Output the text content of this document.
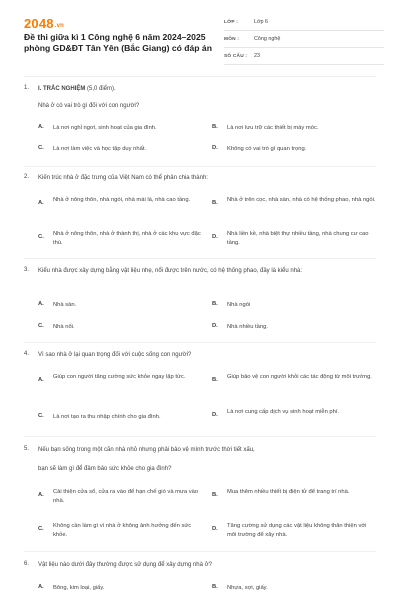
2048.vn
Đề thi giữa kì 1 Công nghệ 6 năm 2024–2025 phòng GD&ĐT Tân Yên (Bắc Giang) có đáp án
LỚP :	Lớp 6
MÔN :	Công nghệ
SỐ CÂU :	23
1. I. TRẮC NGHIỆM (5,0 điểm).
Nhà ở có vai trò gì đối với con người?
A. Là nơi nghỉ ngơi, sinh hoạt của gia đình.	B. Là nơi lưu trữ các thiết bị máy móc.
C. Là nơi làm việc và học tập duy nhất.	D. Không có vai trò gì quan trọng.
2. Kiến trúc nhà ở đặc trưng của Việt Nam có thể phân chia thành:
A. Nhà ở nông thôn, nhà ngói, nhà mái lá, nhà cao tầng.	B. Nhà ở trên cọc, nhà sàn, nhà có hệ thống phao, nhà ngói.
C. Nhà ở nông thôn, nhà ở thành thị, nhà ở các khu vực đặc thù.
D. Nhà liền kề, nhà biệt thự nhiều tầng, nhà chung cư cao tầng.
3. Kiểu nhà được xây dựng bằng vật liệu nhẹ, nổi được trên nước, có hệ thống phao, đây là kiểu nhà:
A. Nhà sàn.	B. Nhà ngói
C. Nhà nổi.	D. Nhà nhiều tầng.
4. Vì sao nhà ở lại quan trọng đối với cuộc sống con người?
A. Giúp con người tăng cường sức khỏe ngay lập tức.	B. Giúp bảo vệ con người khỏi các tác động từ môi trường.
C. Là nơi tạo ra thu nhập chính cho gia đình.	D. Là nơi cung cấp dịch vụ sinh hoạt miễn phí.
5. Nếu bạn sống trong một căn nhà nhỏ nhưng phải bảo vệ mình trước thời tiết xấu,
bạn sẽ làm gì để đảm bảo sức khỏe cho gia đình?
A. Cải thiện cửa sổ, cửa ra vào để hạn chế gió và mưa vào nhà.
B. Mua thêm nhiều thiết bị điện tử để trang trí nhà.
C. Không cần làm gì vì nhà ở không ảnh hưởng đến sức khỏe.
D. Tăng cường sử dụng các vật liệu không thân thiện với môi trường để xây nhà.
6. Vật liệu nào dưới đây thường được sử dụng để xây dựng nhà ở?
A. Bông, kim loại, giấy.	B. Nhựa, sợi, giấy.
